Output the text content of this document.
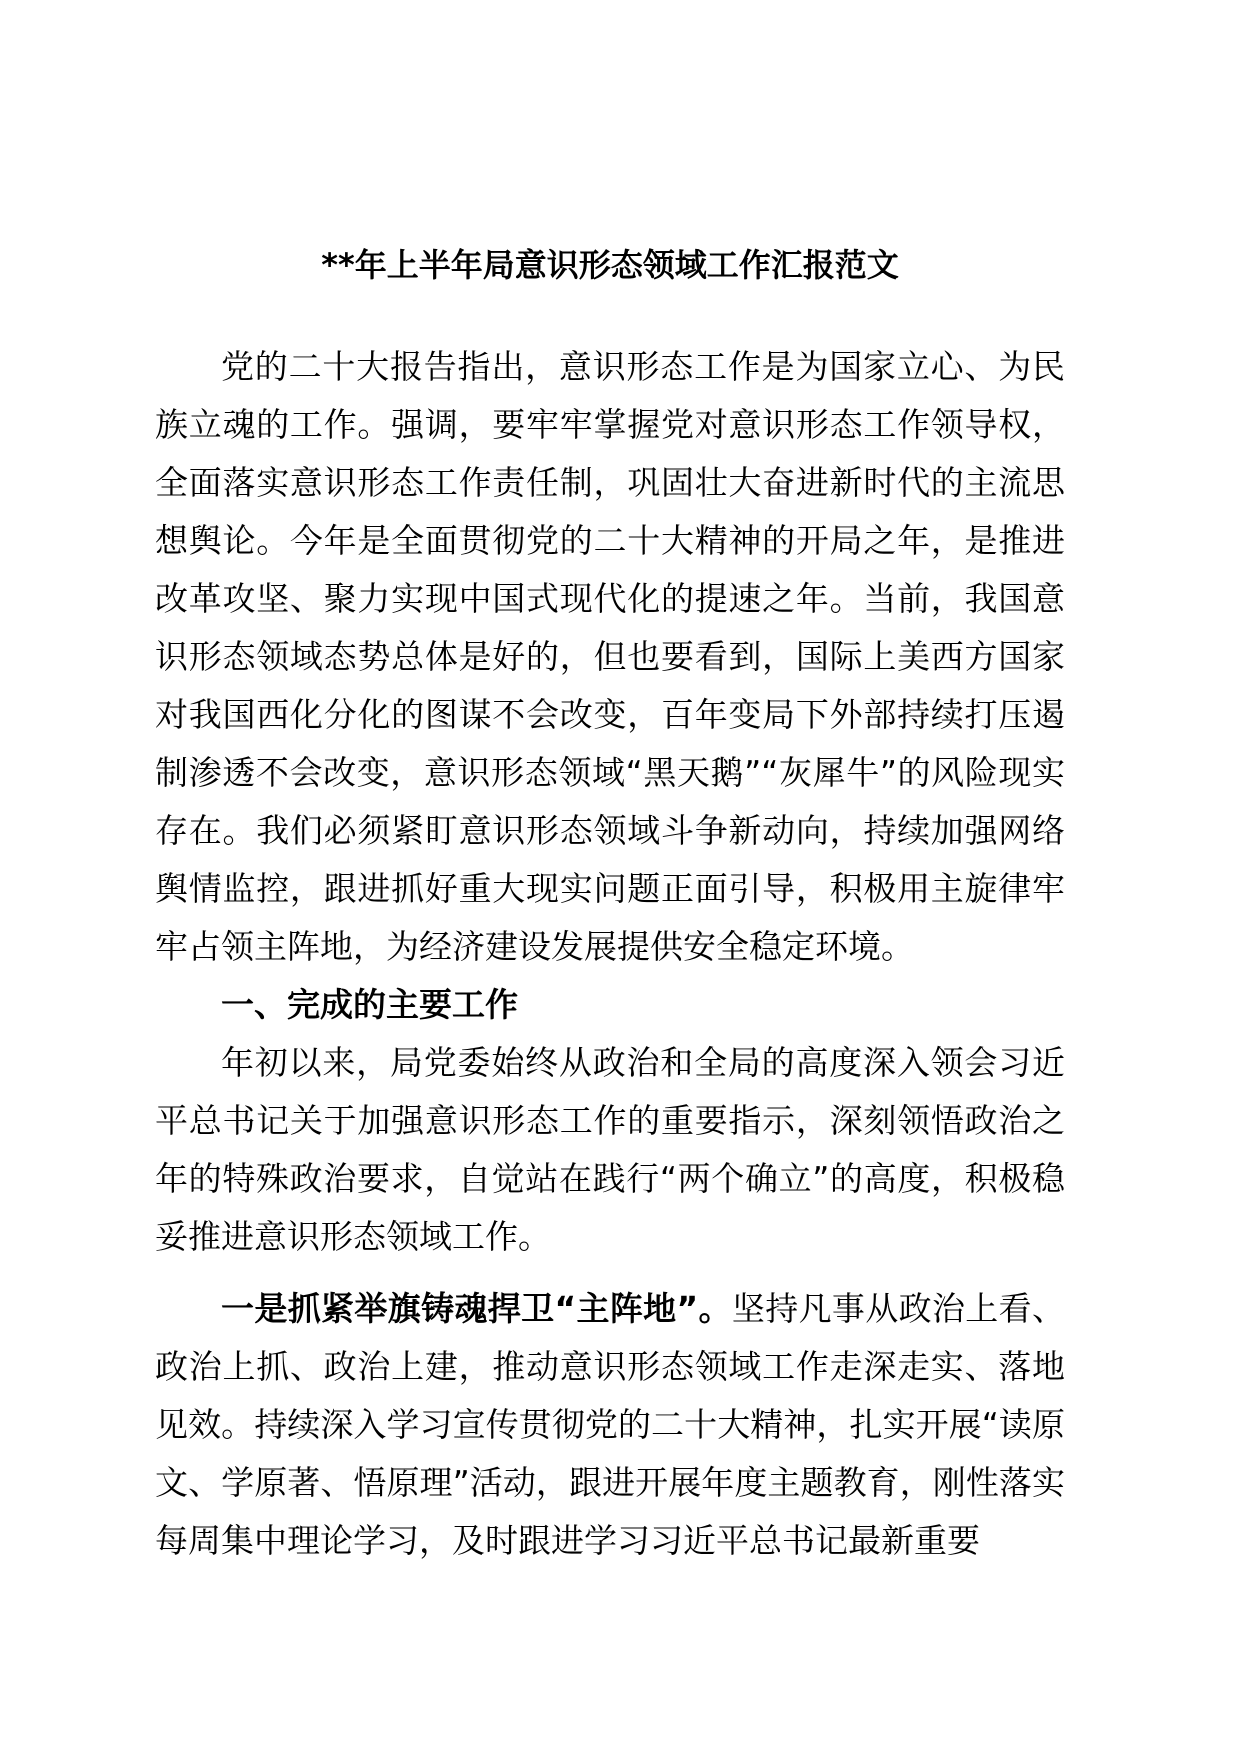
**年上半年局意识形态领域工作汇报范文

党的二十大报告指出，意识形态工作是为国家立心、为民族立魂的工作。强调，要牢牢掌握党对意识形态工作领导权，全面落实意识形态工作责任制，巩固壮大奋进新时代的主流思想舆论。今年是全面贯彻党的二十大精神的开局之年，是推进改革攻坚、聚力实现中国式现代化的提速之年。当前，我国意识形态领域态势总体是好的，但也要看到，国际上美西方国家对我国西化分化的图谋不会改变，百年变局下外部持续打压遏制渗透不会改变，意识形态领域“黑天鹅”“灰犀牛”的风险现实存在。我们必须紧盯意识形态领域斗争新动向，持续加强网络舆情监控，跟进抓好重大现实问题正面引导，积极用主旋律牢牢占领主阵地，为经济建设发展提供安全稳定环境。

一、完成的主要工作

年初以来，局党委始终从政治和全局的高度深入领会习近平总书记关于加强意识形态工作的重要指示，深刻领悟政治之年的特殊政治要求，自觉站在践行“两个确立”的高度，积极稳妥推进意识形态领域工作。

一是抓紧举旗铸魂捍卫“主阵地”。坚持凡事从政治上看、政治上抓、政治上建，推动意识形态领域工作走深走实、落地见效。持续深入学习宣传贯彻党的二十大精神，扎实开展“读原文、学原著、悟原理”活动，跟进开展年度主题教育，刚性落实每周集中理论学习，及时跟进学习习近平总书记最新重要
